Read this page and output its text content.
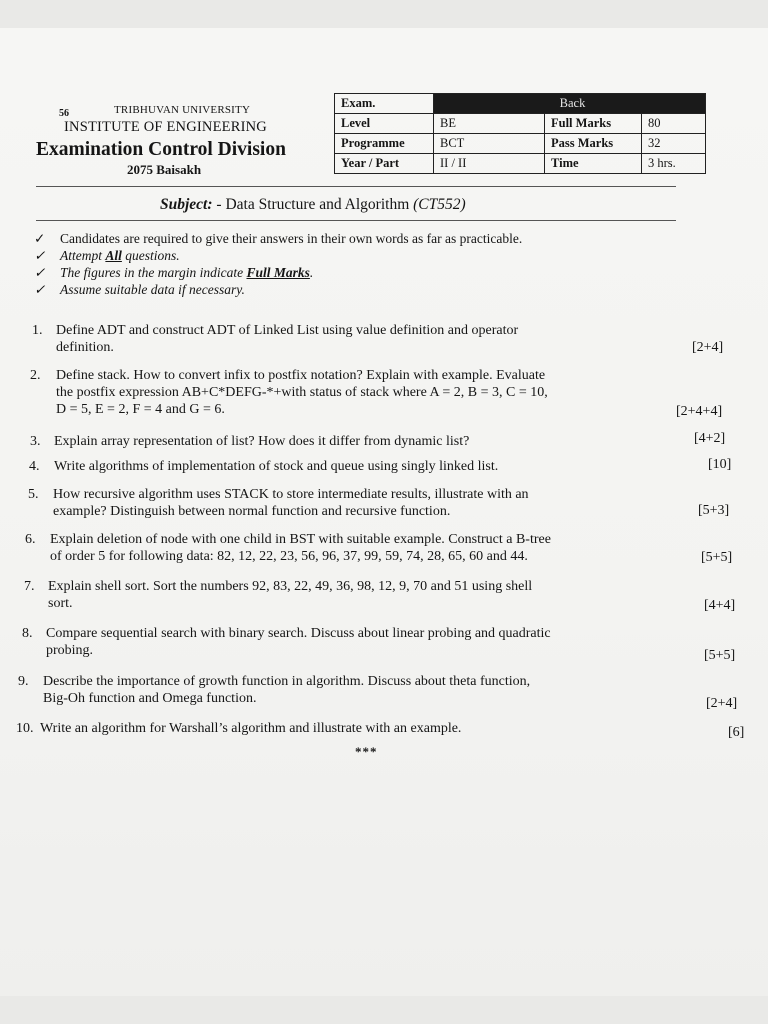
56	TRIBHUVAN UNIVERSITY
INSTITUTE OF ENGINEERING
Examination Control Division
2075 Baisakh
Exam.	Back		
Level	BE	Full Marks	80
Programme	BCT	Pass Marks	32
Year / Part	II / II	Time	3 hrs.
Subject: - Data Structure and Algorithm (CT552)
✓ Candidates are required to give their answers in their own words as far as practicable.
✓ Attempt All questions.
✓ The figures in the margin indicate Full Marks.
✓ Assume suitable data if necessary.
1. Define ADT and construct ADT of Linked List using value definition and operator
definition.	[2+4]
2. Define stack. How to convert infix to postfix notation? Explain with example. Evaluate
the postfix expression AB+C*DEFG-*+with status of stack where A = 2, B = 3, C = 10,
D = 5, E = 2, F = 4 and G = 6.	[2+4+4]
3. Explain array representation of list? How does it differ from dynamic list?	[4+2]
4. Write algorithms of implementation of stock and queue using singly linked list.	[10]
5. How recursive algorithm uses STACK to store intermediate results, illustrate with an
example? Distinguish between normal function and recursive function.	[5+3]
6. Explain deletion of node with one child in BST with suitable example. Construct a B-tree
of order 5 for following data: 82, 12, 22, 23, 56, 96, 37, 99, 59, 74, 28, 65, 60 and 44.	[5+5]
7. Explain shell sort. Sort the numbers 92, 83, 22, 49, 36, 98, 12, 9, 70 and 51 using shell
sort.	[4+4]
8. Compare sequential search with binary search. Discuss about linear probing and quadratic
probing.	[5+5]
9. Describe the importance of growth function in algorithm. Discuss about theta function,
Big-Oh function and Omega function.	[2+4]
10. Write an algorithm for Warshall’s algorithm and illustrate with an example.	[6]
***
